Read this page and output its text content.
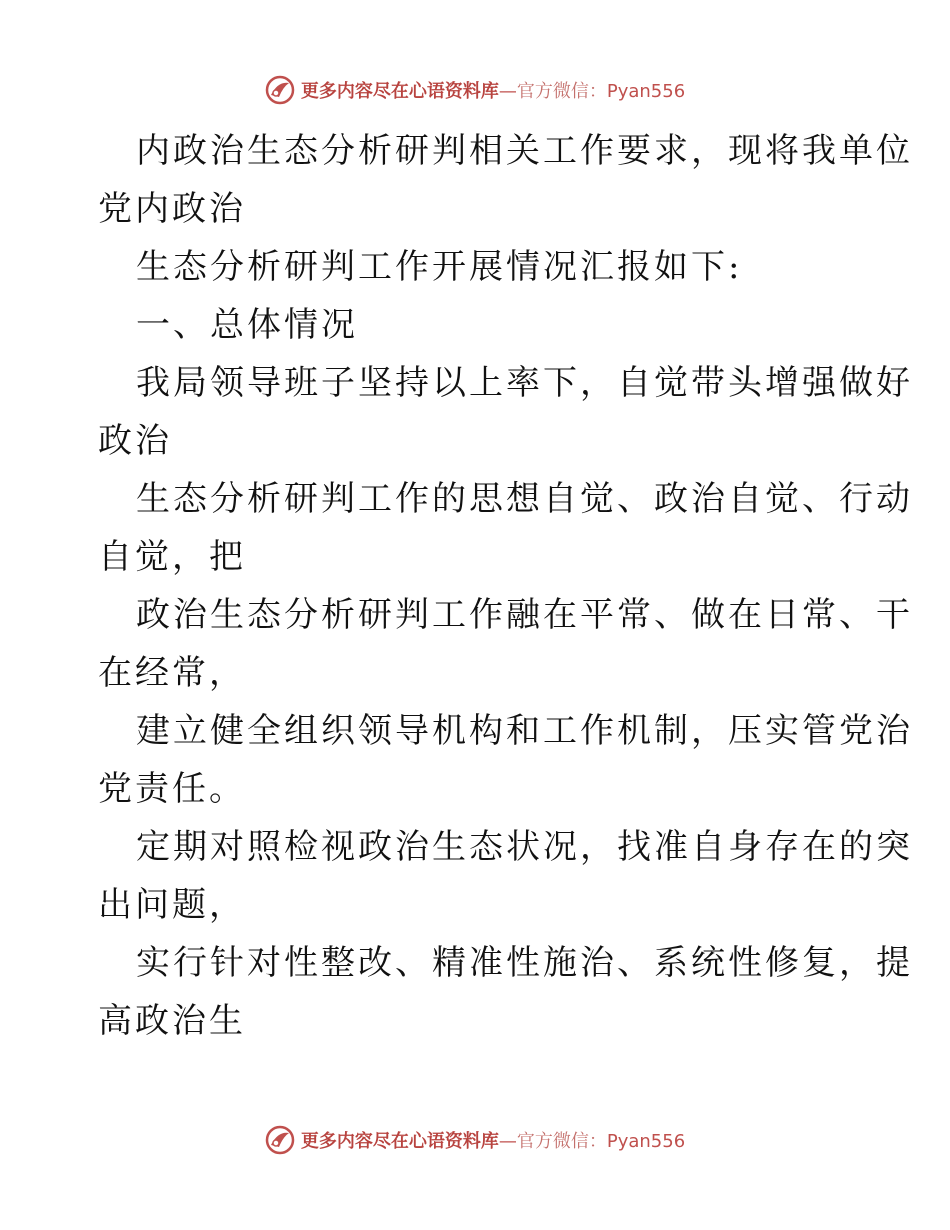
更多内容尽在心语资料库—官方微信：Pyan556

内政治生态分析研判相关工作要求，现将我单位
党内政治

生态分析研判工作开展情况汇报如下:

一、总体情况

我局领导班子坚持以上率下，自觉带头增强做好
政治

生态分析研判工作的思想自觉、政治自觉、行动
自觉，把

政治生态分析研判工作融在平常、做在日常、干
在经常，

建立健全组织领导机构和工作机制，压实管党治
党责任。

定期对照检视政治生态状况，找准自身存在的突
出问题，

实行针对性整改、精准性施治、系统性修复，提
高政治生

更多内容尽在心语资料库—官方微信：Pyan556
